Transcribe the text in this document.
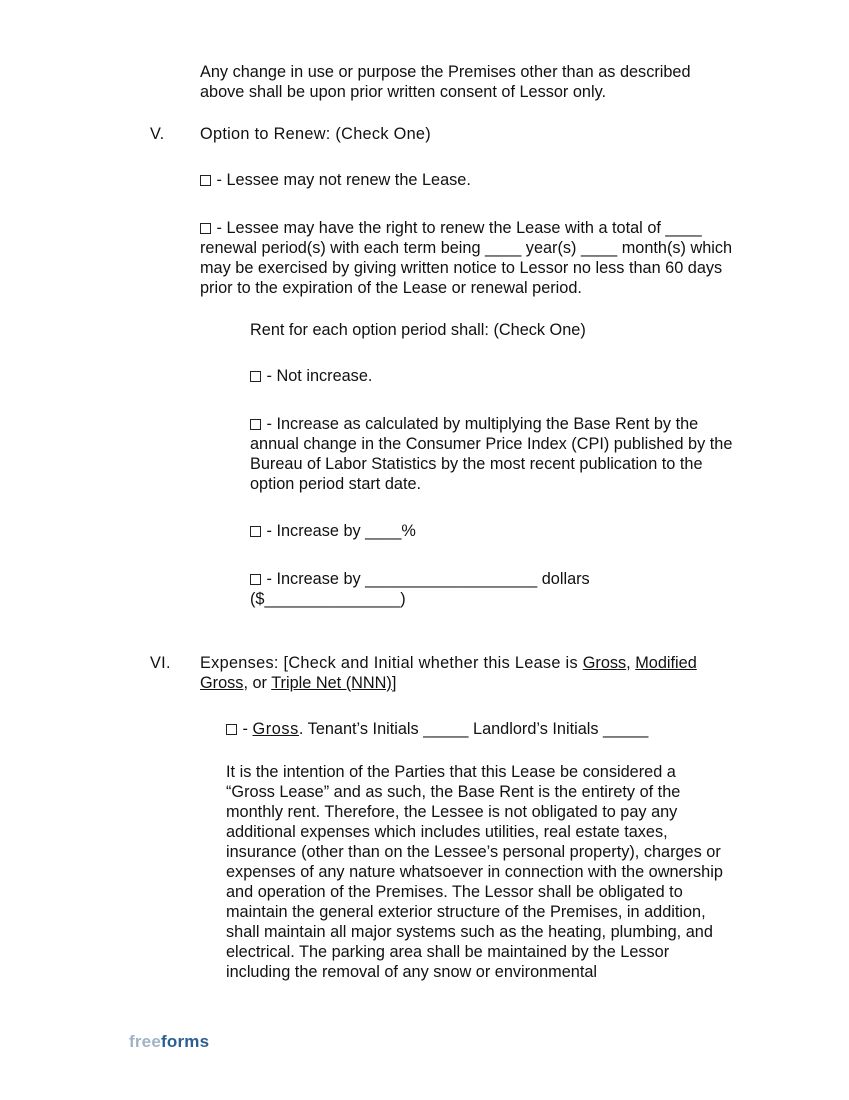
Any change in use or purpose the Premises other than as described above shall be upon prior written consent of Lessor only.
V. Option to Renew: (Check One)
- Lessee may not renew the Lease.
- Lessee may have the right to renew the Lease with a total of ____ renewal period(s) with each term being ____ year(s) ____ month(s) which may be exercised by giving written notice to Lessor no less than 60 days prior to the expiration of the Lease or renewal period.
Rent for each option period shall: (Check One)
- Not increase.
- Increase as calculated by multiplying the Base Rent by the annual change in the Consumer Price Index (CPI) published by the Bureau of Labor Statistics by the most recent publication to the option period start date.
- Increase by ____%
- Increase by ___________________ dollars ($_______________)
VI. Expenses: [Check and Initial whether this Lease is Gross, Modified Gross, or Triple Net (NNN)]
- Gross. Tenant’s Initials _____ Landlord’s Initials _____
It is the intention of the Parties that this Lease be considered a “Gross Lease” and as such, the Base Rent is the entirety of the monthly rent. Therefore, the Lessee is not obligated to pay any additional expenses which includes utilities, real estate taxes, insurance (other than on the Lessee’s personal property), charges or expenses of any nature whatsoever in connection with the ownership and operation of the Premises. The Lessor shall be obligated to maintain the general exterior structure of the Premises, in addition, shall maintain all major systems such as the heating, plumbing, and electrical. The parking area shall be maintained by the Lessor including the removal of any snow or environmental
freeforms
